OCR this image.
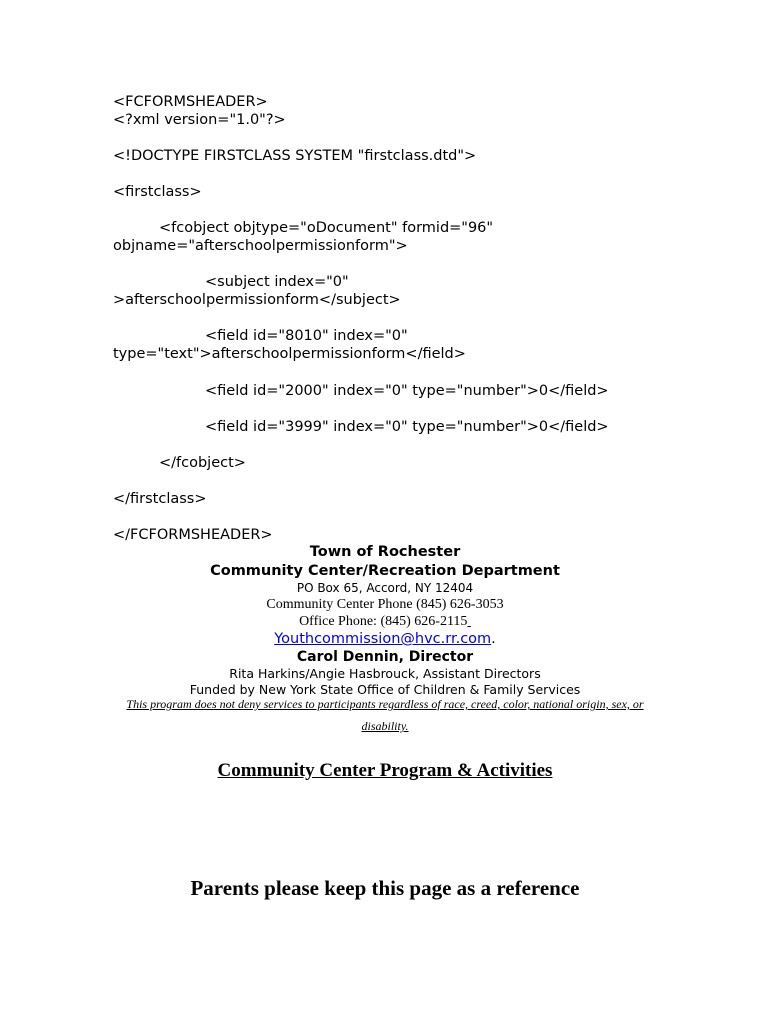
<FCFORMSHEADER>
<?xml version="1.0"?>
<!DOCTYPE FIRSTCLASS SYSTEM "firstclass.dtd">
<firstclass>
<fcobject objtype="oDocument" formid="96"
objname="afterschoolpermissionform">
<subject index="0"
>afterschoolpermissionform</subject>
<field id="8010" index="0"
type="text">afterschoolpermissionform</field>
<field id="2000" index="0" type="number">0</field>
<field id="3999" index="0" type="number">0</field>
</fcobject>
</firstclass>
</FCFORMSHEADER>
Town of Rochester
Community Center/Recreation Department
PO Box 65, Accord, NY 12404
Community Center Phone (845) 626-3053
Office Phone: (845) 626-2115
Youthcommission@hvc.rr.com.
Carol Dennin, Director
Rita Harkins/Angie Hasbrouck, Assistant Directors
Funded by New York State Office of Children & Family Services
This program does not deny services to participants regardless of race, creed, color, national origin, sex, or
disability.
Community Center Program & Activities
Parents please keep this page as a reference
